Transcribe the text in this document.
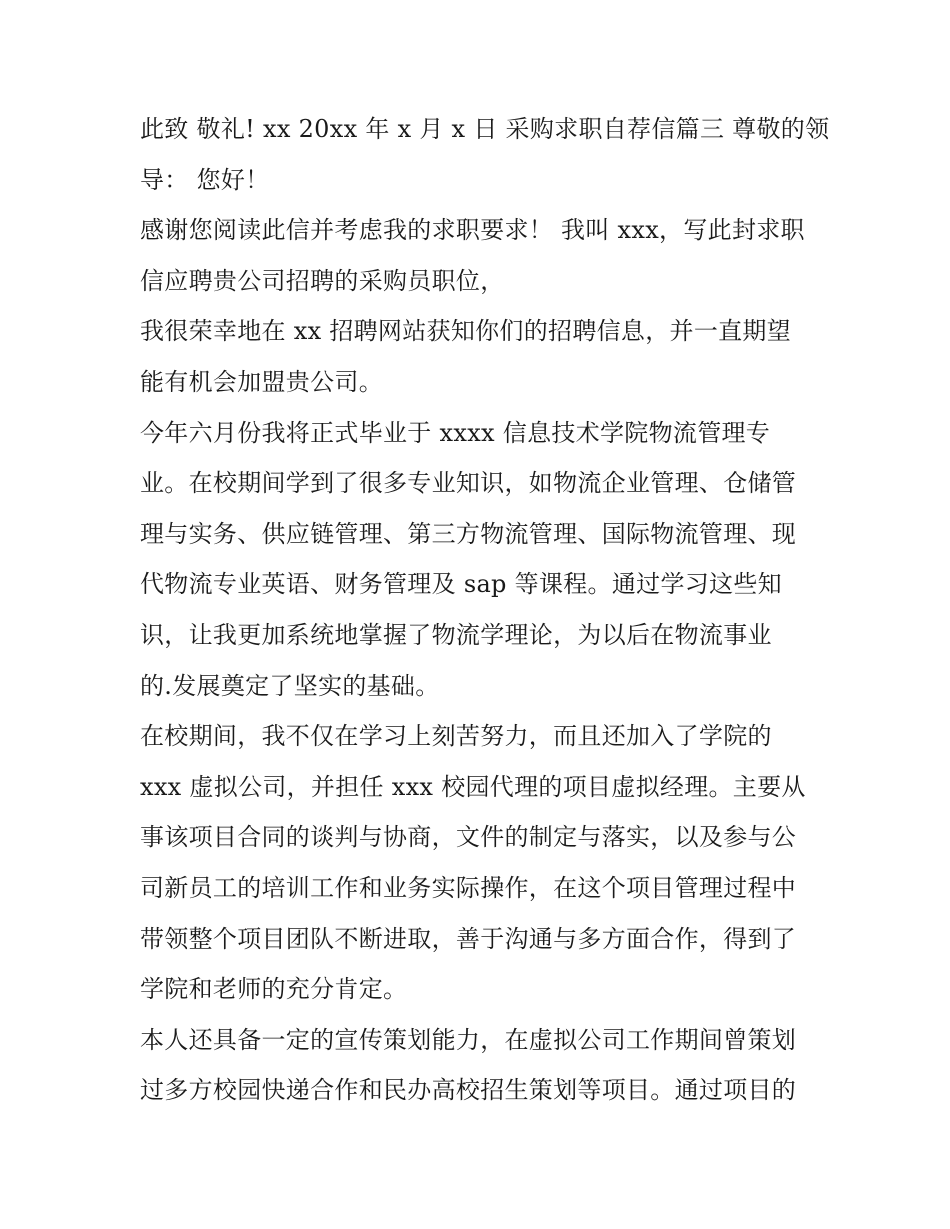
此致 敬礼! xx 20xx 年 x 月 x 日 采购求职自荐信篇三 尊敬的领
导： 您好！
感谢您阅读此信并考虑我的求职要求！ 我叫 xxx，写此封求职
信应聘贵公司招聘的采购员职位，
我很荣幸地在 xx 招聘网站获知你们的招聘信息，并一直期望
能有机会加盟贵公司。
今年六月份我将正式毕业于 xxxx 信息技术学院物流管理专
业。在校期间学到了很多专业知识，如物流企业管理、仓储管
理与实务、供应链管理、第三方物流管理、国际物流管理、现
代物流专业英语、财务管理及 sap 等课程。通过学习这些知
识，让我更加系统地掌握了物流学理论，为以后在物流事业
的.发展奠定了坚实的基础。
在校期间，我不仅在学习上刻苦努力，而且还加入了学院的
xxx 虚拟公司，并担任 xxx 校园代理的项目虚拟经理。主要从
事该项目合同的谈判与协商，文件的制定与落实，以及参与公
司新员工的培训工作和业务实际操作，在这个项目管理过程中
带领整个项目团队不断进取，善于沟通与多方面合作，得到了
学院和老师的充分肯定。
本人还具备一定的宣传策划能力，在虚拟公司工作期间曾策划
过多方校园快递合作和民办高校招生策划等项目。通过项目的
